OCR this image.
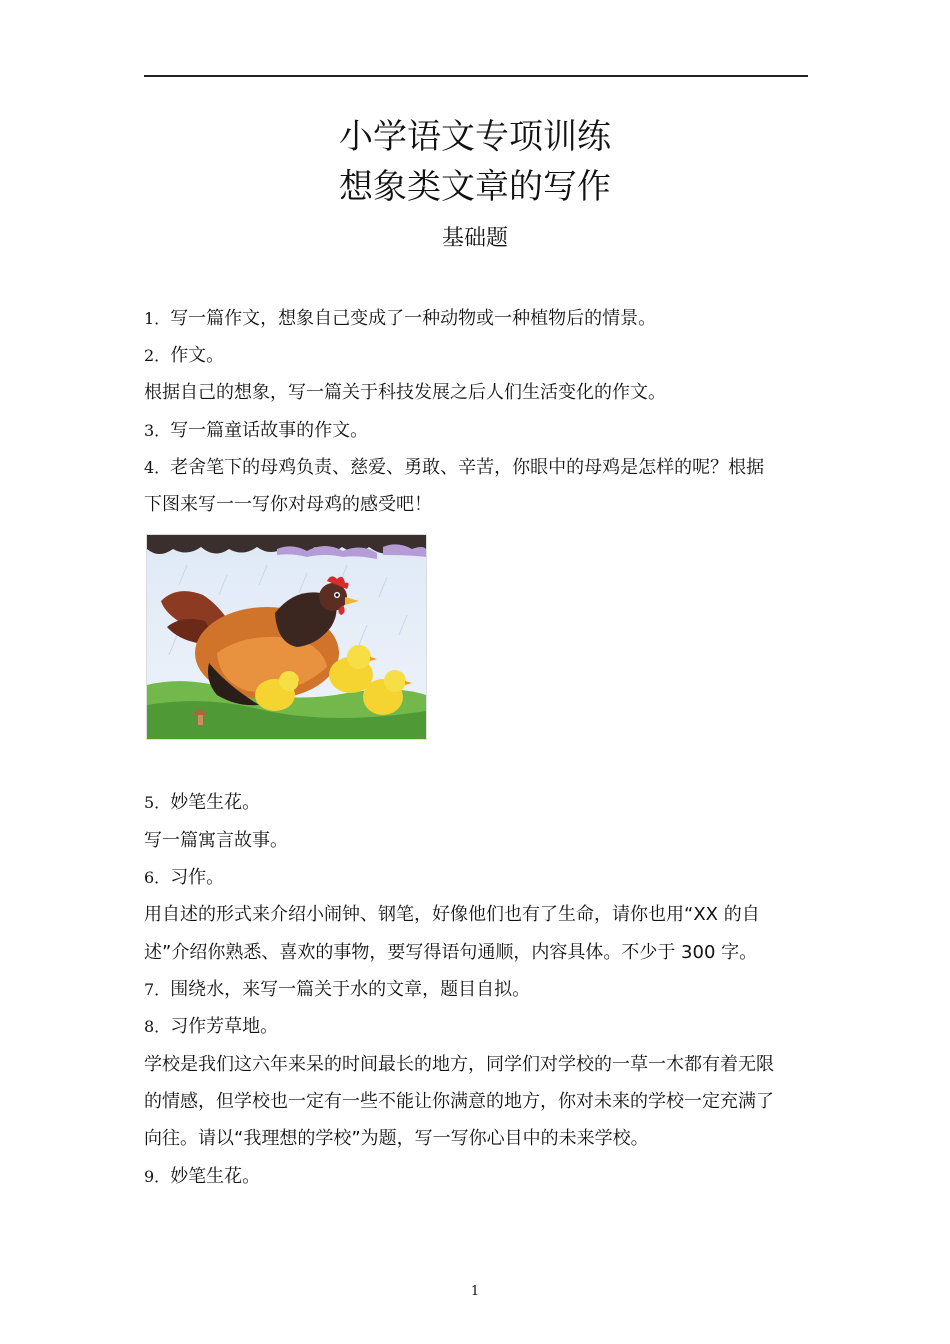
小学语文专项训练
想象类文章的写作
基础题
1．写一篇作文，想象自己变成了一种动物或一种植物后的情景。
2．作文。
根据自己的想象，写一篇关于科技发展之后人们生活变化的作文。
3．写一篇童话故事的作文。
4．老舍笔下的母鸡负责、慈爱、勇敢、辛苦，你眼中的母鸡是怎样的呢？根据
下图来写一一写你对母鸡的感受吧！
5．妙笔生花。
写一篇寓言故事。
6．习作。
用自述的形式来介绍小闹钟、钢笔，好像他们也有了生命，请你也用“XX 的自
述”介绍你熟悉、喜欢的事物，要写得语句通顺，内容具体。不少于 300 字。
7．围绕水，来写一篇关于水的文章，题目自拟。
8．习作芳草地。
学校是我们这六年来呆的时间最长的地方，同学们对学校的一草一木都有着无限
的情感，但学校也一定有一些不能让你满意的地方，你对未来的学校一定充满了
向往。请以“我理想的学校”为题，写一写你心目中的未来学校。
9．妙笔生花。
1
